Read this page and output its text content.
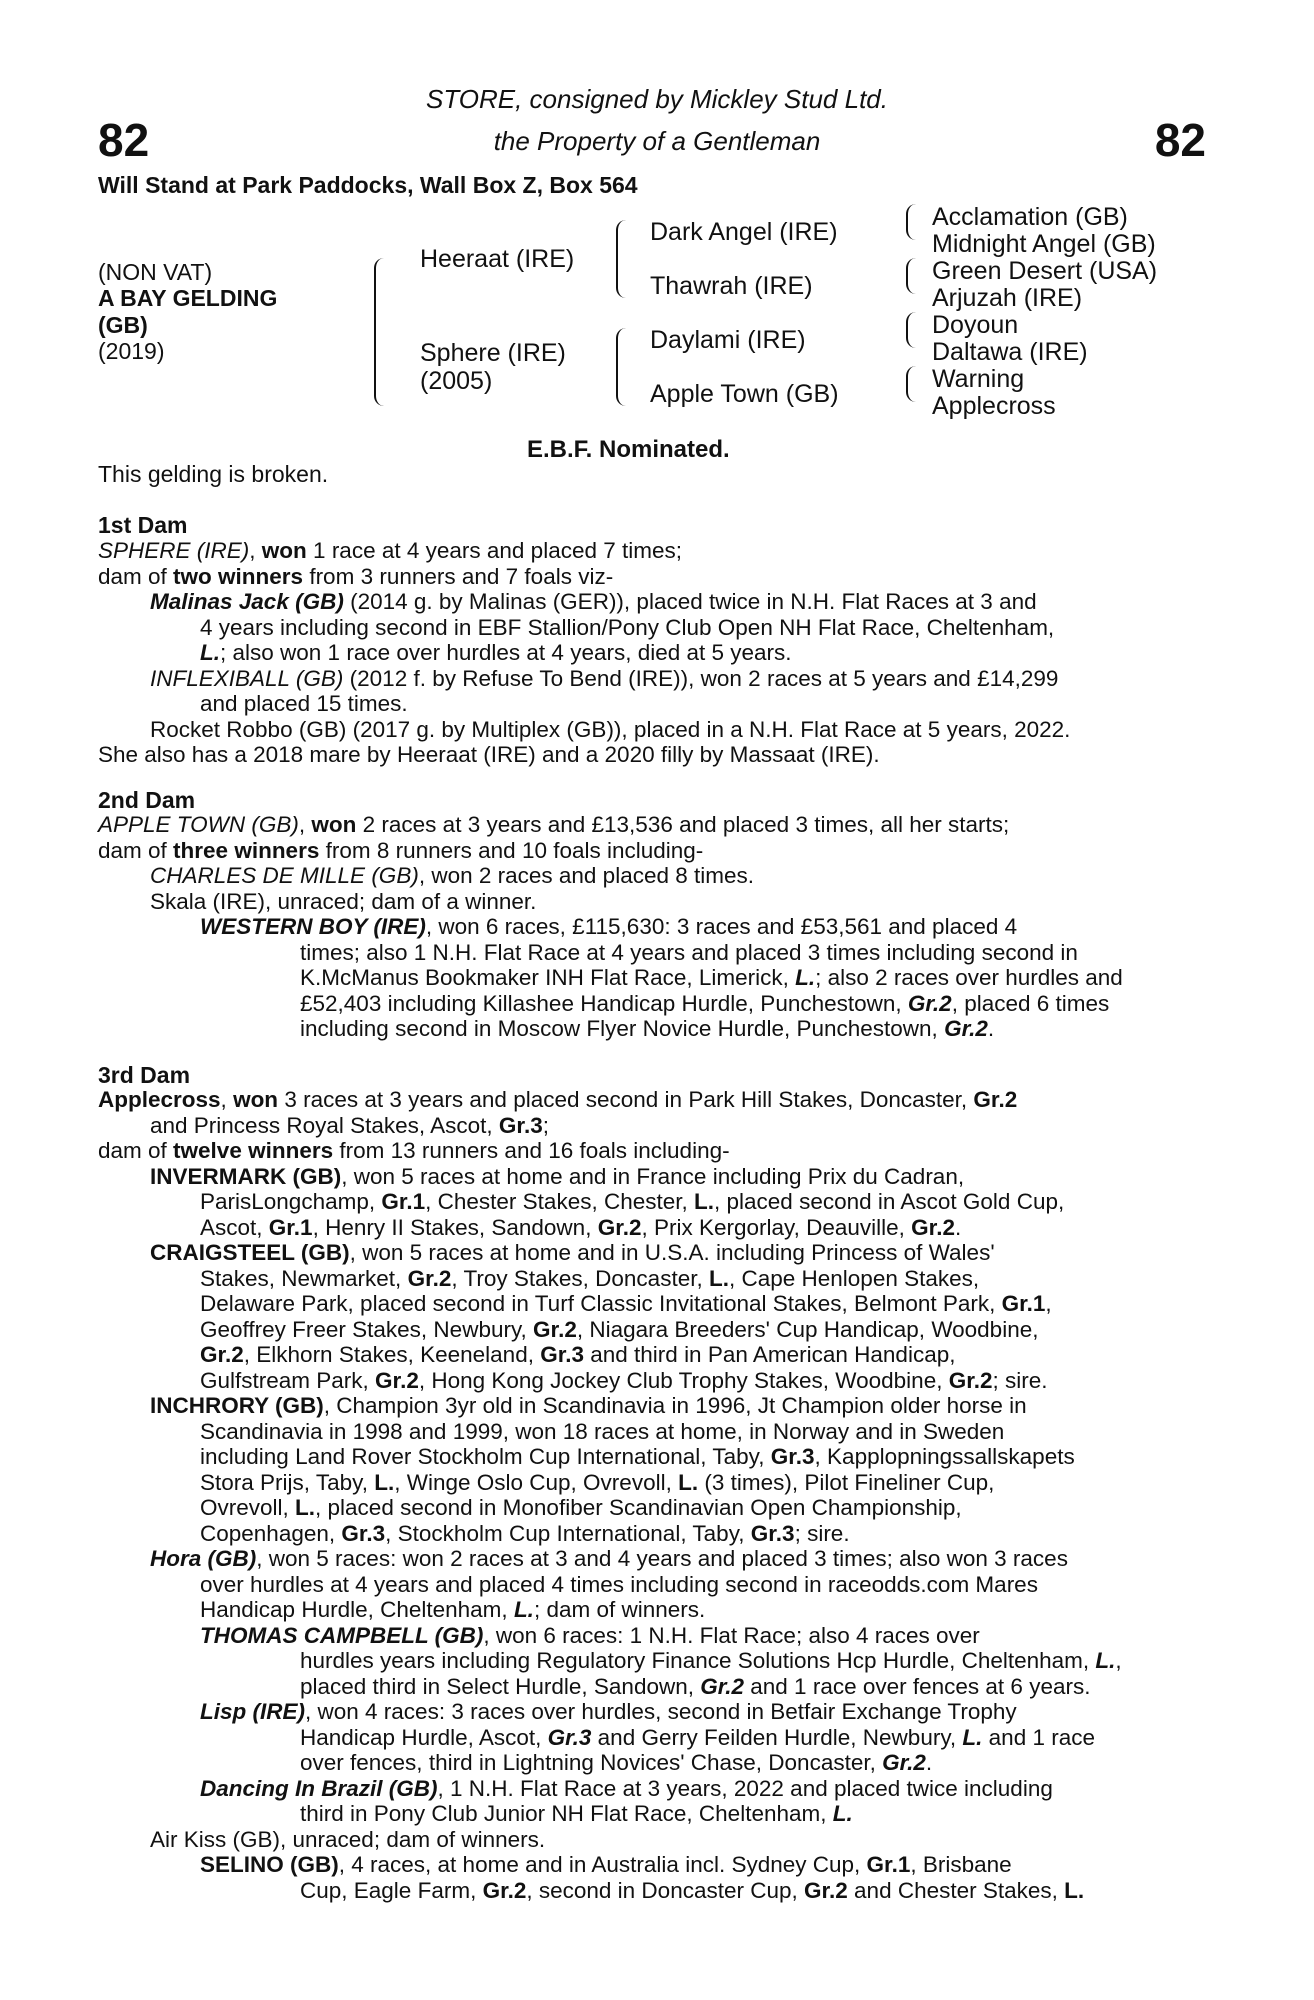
82	82
STORE, consigned by Mickley Stud Ltd.
the Property of a Gentleman
Will Stand at Park Paddocks, Wall Box Z, Box 564
(NON VAT)
A BAY GELDING
(GB)
(2019)
This gelding is broken.
Heeraat (IRE)
Sphere (IRE)
(2005)
Dark Angel (IRE)
Thawrah (IRE)
Daylami (IRE)
Apple Town (GB)
Acclamation (GB)
Midnight Angel (GB)
Green Desert (USA)
Arjuzah (IRE)
Doyoun
Daltawa (IRE)
Warning
Applecross
E.B.F. Nominated.
1st Dam

SPHERE (IRE), won 1 race at 4 years and placed 7 times;

dam of two winners from 3 runners and 7 foals viz-

Malinas Jack (GB) (2014 g. by Malinas (GER)), placed twice in N.H. Flat Races at 3 and

4 years including second in EBF Stallion/Pony Club Open NH Flat Race, Cheltenham,

L.; also won 1 race over hurdles at 4 years, died at 5 years.

INFLEXIBALL (GB) (2012 f. by Refuse To Bend (IRE)), won 2 races at 5 years and £14,299

and placed 15 times.

Rocket Robbo (GB) (2017 g. by Multiplex (GB)), placed in a N.H. Flat Race at 5 years, 2022.

She also has a 2018 mare by Heeraat (IRE) and a 2020 filly by Massaat (IRE).

2nd Dam

APPLE TOWN (GB), won 2 races at 3 years and £13,536 and placed 3 times, all her starts;

dam of three winners from 8 runners and 10 foals including-

CHARLES DE MILLE (GB), won 2 races and placed 8 times.

Skala (IRE), unraced; dam of a winner.

WESTERN BOY (IRE), won 6 races, £115,630: 3 races and £53,561 and placed 4

times; also 1 N.H. Flat Race at 4 years and placed 3 times including second in

K.McManus Bookmaker INH Flat Race, Limerick, L.; also 2 races over hurdles and

£52,403 including Killashee Handicap Hurdle, Punchestown, Gr.2, placed 6 times

including second in Moscow Flyer Novice Hurdle, Punchestown, Gr.2.

3rd Dam

Applecross, won 3 races at 3 years and placed second in Park Hill Stakes, Doncaster, Gr.2

and Princess Royal Stakes, Ascot, Gr.3;

dam of twelve winners from 13 runners and 16 foals including-

INVERMARK (GB), won 5 races at home and in France including Prix du Cadran,

ParisLongchamp, Gr.1, Chester Stakes, Chester, L., placed second in Ascot Gold Cup,

Ascot, Gr.1, Henry II Stakes, Sandown, Gr.2, Prix Kergorlay, Deauville, Gr.2.

CRAIGSTEEL (GB), won 5 races at home and in U.S.A. including Princess of Wales'

Stakes, Newmarket, Gr.2, Troy Stakes, Doncaster, L., Cape Henlopen Stakes,

Delaware Park, placed second in Turf Classic Invitational Stakes, Belmont Park, Gr.1,

Geoffrey Freer Stakes, Newbury, Gr.2, Niagara Breeders' Cup Handicap, Woodbine,

Gr.2, Elkhorn Stakes, Keeneland, Gr.3 and third in Pan American Handicap,

Gulfstream Park, Gr.2, Hong Kong Jockey Club Trophy Stakes, Woodbine, Gr.2; sire.

INCHRORY (GB), Champion 3yr old in Scandinavia in 1996, Jt Champion older horse in

Scandinavia in 1998 and 1999, won 18 races at home, in Norway and in Sweden

including Land Rover Stockholm Cup International, Taby, Gr.3, Kapplopningssallskapets

Stora Prijs, Taby, L., Winge Oslo Cup, Ovrevoll, L. (3 times), Pilot Fineliner Cup,

Ovrevoll, L., placed second in Monofiber Scandinavian Open Championship,

Copenhagen, Gr.3, Stockholm Cup International, Taby, Gr.3; sire.

Hora (GB), won 5 races: won 2 races at 3 and 4 years and placed 3 times; also won 3 races

over hurdles at 4 years and placed 4 times including second in raceodds.com Mares

Handicap Hurdle, Cheltenham, L.; dam of winners.

THOMAS CAMPBELL (GB), won 6 races: 1 N.H. Flat Race; also 4 races over

hurdles years including Regulatory Finance Solutions Hcp Hurdle, Cheltenham, L.,

placed third in Select Hurdle, Sandown, Gr.2 and 1 race over fences at 6 years.

Lisp (IRE), won 4 races: 3 races over hurdles, second in Betfair Exchange Trophy

Handicap Hurdle, Ascot, Gr.3 and Gerry Feilden Hurdle, Newbury, L. and 1 race

over fences, third in Lightning Novices' Chase, Doncaster, Gr.2.

Dancing In Brazil (GB), 1 N.H. Flat Race at 3 years, 2022 and placed twice including

third in Pony Club Junior NH Flat Race, Cheltenham, L.

Air Kiss (GB), unraced; dam of winners.

SELINO (GB), 4 races, at home and in Australia incl. Sydney Cup, Gr.1, Brisbane

Cup, Eagle Farm, Gr.2, second in Doncaster Cup, Gr.2 and Chester Stakes, L.
